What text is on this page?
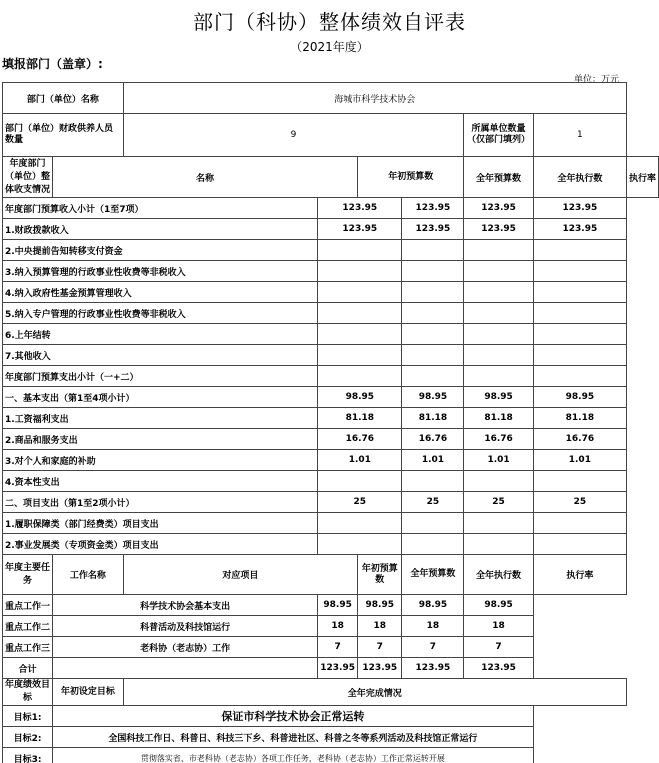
部门（科协）整体绩效自评表
（2021年度）
填报部门（盖章）:
单位：万元
部门（单位）名称		海城市科学技术协会						
部门（单位）财政供养人员数量		9				所属单位数量（仅部门填列）	1	
年度部门（单位）整体收支情况	名称			年初预算数		全年预算数	全年执行数	执行率
年度部门预算收入小计（1至7项）			123.95		123.95	123.95	123.95	
1.财政拨款收入			123.95		123.95	123.95	123.95	
2.中央提前告知转移支付资金								
3.纳入预算管理的行政事业性收费等非税收入								
4.纳入政府性基金预算管理收入								
5.纳入专户管理的行政事业性收费等非税收入								
6.上年结转								
7.其他收入								
年度部门预算支出小计（一+二）								
一、基本支出（第1至4项小计）			98.95		98.95	98.95	98.95	
1.工资福利支出			81.18		81.18	81.18	81.18	
2.商品和服务支出			16.76		16.76	16.76	16.76	
3.对个人和家庭的补助			1.01		1.01	1.01	1.01	
4.资本性支出								
二、项目支出（第1至2项小计）			25		25	25	25	
1.履职保障类（部门经费类）项目支出								
2.事业发展类（专项资金类）项目支出								
年度主要任务	工作名称	对应项目		年初预算数	全年预算数	全年执行数	执行率	
重点工作一	科学技术协会基本支出		98.95	98.95	98.95	98.95		
重点工作二	科普活动及科技馆运行		18	18	18	18		
重点工作三	老科协（老志协）工作		7	7	7	7		
合计			123.95	123.95	123.95	123.95		
年度绩效目标	年初设定目标	全年完成情况						
目标1:	保证市科学技术协会正常运转							
目标2:	全国科技工作日、科普日、科技三下乡、科普进社区、科普之冬等系列活动及科技馆正常运行							
目标3:	贯彻落实省、市老科协（老志协）各项工作任务，老科协（老志协）工作正常运转开展							
